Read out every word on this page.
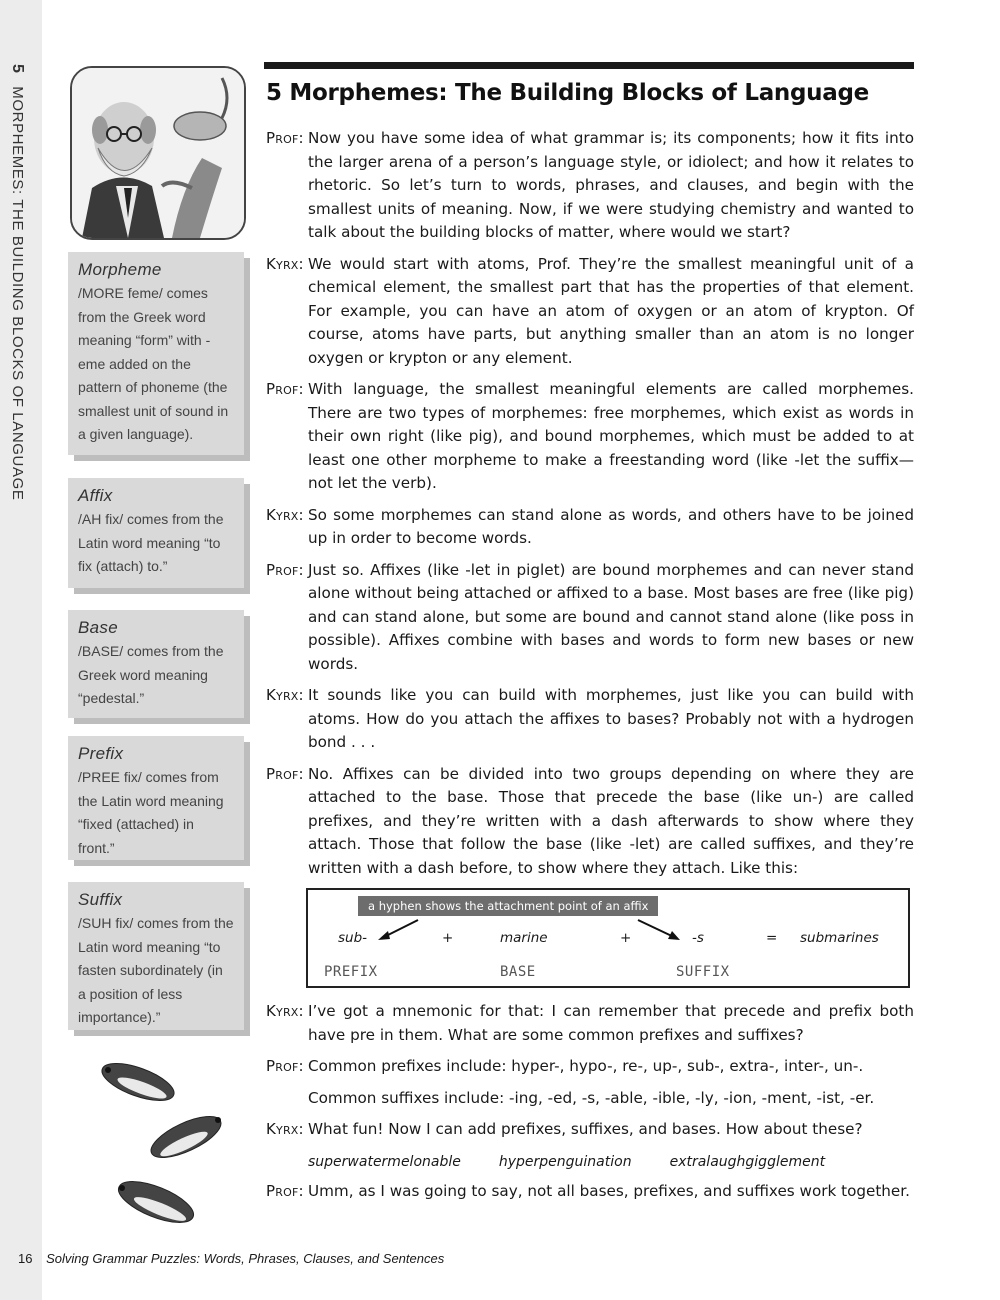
5 MORPHEMES: THE BUILDING BLOCKS OF LANGUAGE	Morpheme
/MORE feme/ comes from the Greek word meaning “form” with -eme added on the pattern of phoneme (the smallest unit of sound in a given language).
Affix
/AH fix/ comes from the Latin word meaning “to fix (attach) to.”
Base
/BASE/ comes from the Greek word meaning “pedestal.”
Prefix
/PREE fix/ comes from the Latin word meaning “fixed (attached) in front.”
Suffix
/SUH fix/ comes from the Latin word meaning “to fasten subordinately (in a position of less importance).”
5 Morphemes: The Building Blocks of Language
Prof: Now you have some idea of what grammar is; its components; how it fits into the larger arena of a person’s language style, or idiolect; and how it relates to rhetoric. So let’s turn to words, phrases, and clauses, and begin with the smallest units of meaning. Now, if we were studying chemistry and wanted to talk about the building blocks of matter, where would we start?
Kyrx: We would start with atoms, Prof. They’re the smallest meaningful unit of a chemical element, the smallest part that has the properties of that element. For example, you can have an atom of oxygen or an atom of krypton. Of course, atoms have parts, but anything smaller than an atom is no longer oxygen or krypton or any element.
Prof: With language, the smallest meaningful elements are called morphemes. There are two types of morphemes: free morphemes, which exist as words in their own right (like pig), and bound morphemes, which must be added to at least one other morpheme to make a freestanding word (like -let the suffix—not let the verb).
Kyrx: So some morphemes can stand alone as words, and others have to be joined up in order to become words.
Prof: Just so. Affixes (like -let in piglet) are bound morphemes and can never stand alone without being attached or affixed to a base. Most bases are free (like pig) and can stand alone, but some are bound and cannot stand alone (like poss in possible). Affixes combine with bases and words to form new bases or new words.
Kyrx: It sounds like you can build with morphemes, just like you can build with atoms. How do you attach the affixes to bases? Probably not with a hydrogen bond . . .
Prof: No. Affixes can be divided into two groups depending on where they are attached to the base. Those that precede the base (like un-) are called prefixes, and they’re written with a dash afterwards to show where they attach. Those that follow the base (like -let) are called suffixes, and they’re written with a dash before, to show where they attach. Like this:
a hyphen shows the attachment point of an affix
sub-	+	marine	+	-s	= submarines
PREFIX	BASE	SUFFIX
Kyrx: I’ve got a mnemonic for that: I can remember that precede and prefix both have pre in them. What are some common prefixes and suffixes?
Prof: Common prefixes include: hyper-, hypo-, re-, up-, sub-, extra-, inter-, un-.
Common suffixes include: -ing, -ed, -s, -able, -ible, -ly, -ion, -ment, -ist, -er.
Kyrx: What fun! Now I can add prefixes, suffixes, and bases. How about these?
superwatermelonable	hyperpenguination	extralaughgigglement
Prof: Umm, as I was going to say, not all bases, prefixes, and suffixes work together.
16 Solving Grammar Puzzles: Words, Phrases, Clauses, and Sentences
